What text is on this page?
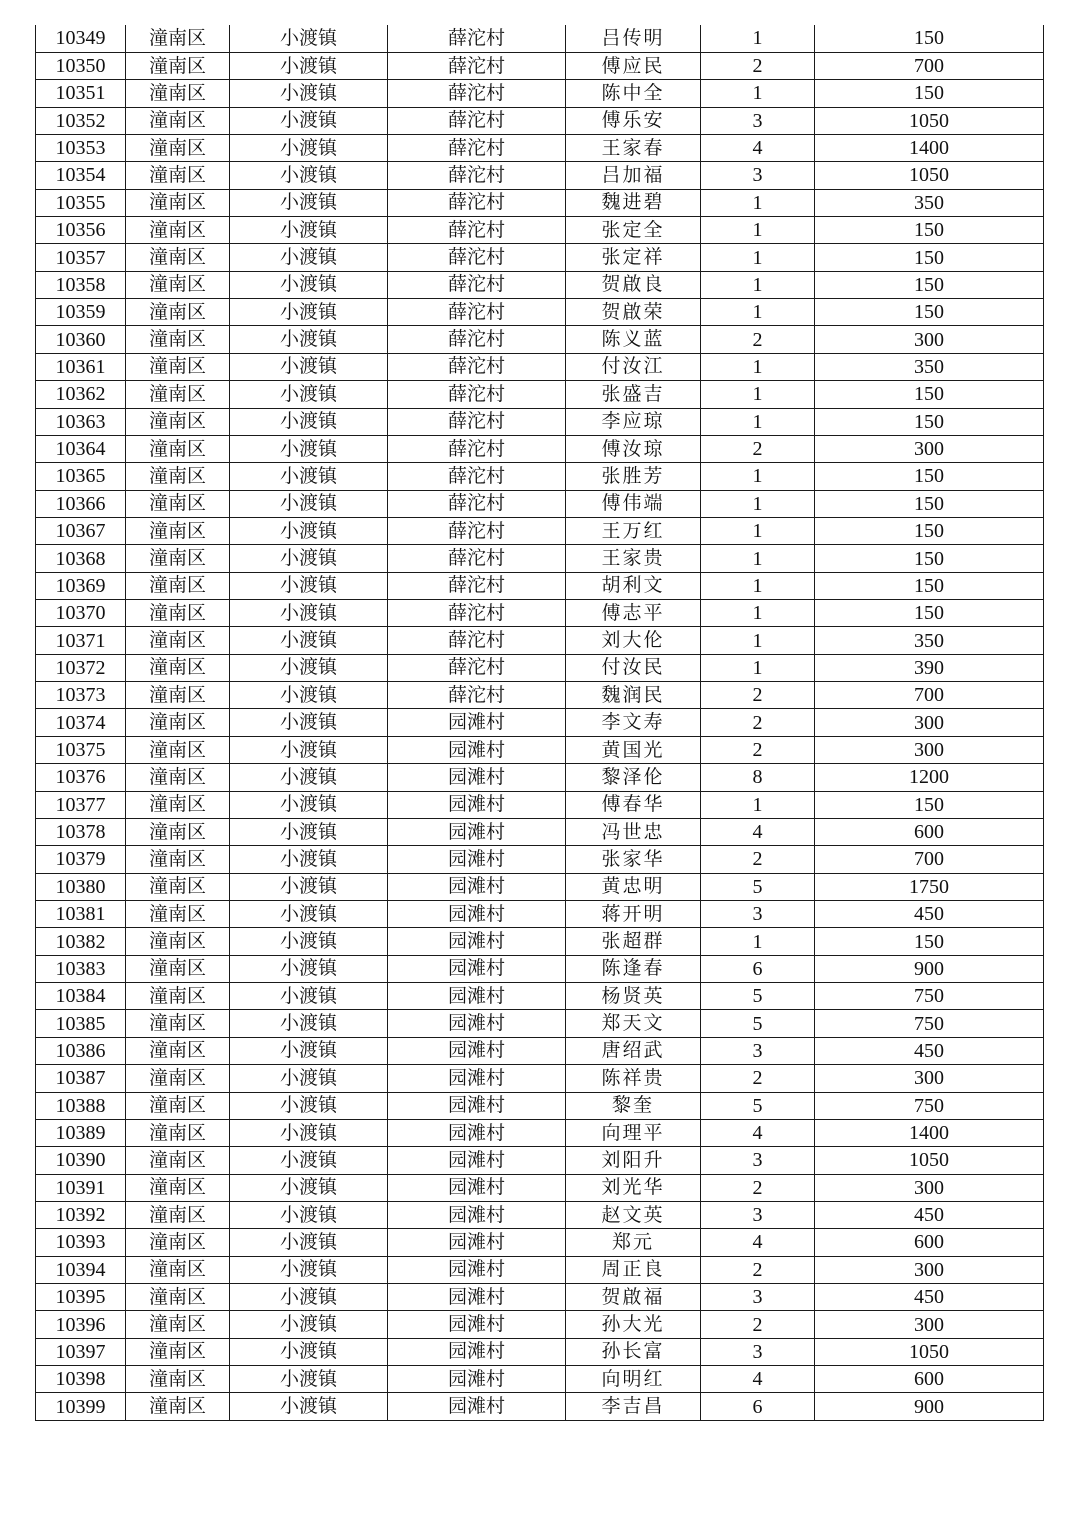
10349	潼南区	小渡镇	薛沱村	吕传明	1	150
10350	潼南区	小渡镇	薛沱村	傅应民	2	700
10351	潼南区	小渡镇	薛沱村	陈中全	1	150
10352	潼南区	小渡镇	薛沱村	傅乐安	3	1050
10353	潼南区	小渡镇	薛沱村	王家春	4	1400
10354	潼南区	小渡镇	薛沱村	吕加福	3	1050
10355	潼南区	小渡镇	薛沱村	魏进碧	1	350
10356	潼南区	小渡镇	薛沱村	张定全	1	150
10357	潼南区	小渡镇	薛沱村	张定祥	1	150
10358	潼南区	小渡镇	薛沱村	贺啟良	1	150
10359	潼南区	小渡镇	薛沱村	贺啟荣	1	150
10360	潼南区	小渡镇	薛沱村	陈义蓝	2	300
10361	潼南区	小渡镇	薛沱村	付汝江	1	350
10362	潼南区	小渡镇	薛沱村	张盛吉	1	150
10363	潼南区	小渡镇	薛沱村	李应琼	1	150
10364	潼南区	小渡镇	薛沱村	傅汝琼	2	300
10365	潼南区	小渡镇	薛沱村	张胜芳	1	150
10366	潼南区	小渡镇	薛沱村	傅伟端	1	150
10367	潼南区	小渡镇	薛沱村	王万红	1	150
10368	潼南区	小渡镇	薛沱村	王家贵	1	150
10369	潼南区	小渡镇	薛沱村	胡利文	1	150
10370	潼南区	小渡镇	薛沱村	傅志平	1	150
10371	潼南区	小渡镇	薛沱村	刘大伦	1	350
10372	潼南区	小渡镇	薛沱村	付汝民	1	390
10373	潼南区	小渡镇	薛沱村	魏润民	2	700
10374	潼南区	小渡镇	园滩村	李文寿	2	300
10375	潼南区	小渡镇	园滩村	黄国光	2	300
10376	潼南区	小渡镇	园滩村	黎泽伦	8	1200
10377	潼南区	小渡镇	园滩村	傅春华	1	150
10378	潼南区	小渡镇	园滩村	冯世忠	4	600
10379	潼南区	小渡镇	园滩村	张家华	2	700
10380	潼南区	小渡镇	园滩村	黄忠明	5	1750
10381	潼南区	小渡镇	园滩村	蒋开明	3	450
10382	潼南区	小渡镇	园滩村	张超群	1	150
10383	潼南区	小渡镇	园滩村	陈逢春	6	900
10384	潼南区	小渡镇	园滩村	杨贤英	5	750
10385	潼南区	小渡镇	园滩村	郑天文	5	750
10386	潼南区	小渡镇	园滩村	唐绍武	3	450
10387	潼南区	小渡镇	园滩村	陈祥贵	2	300
10388	潼南区	小渡镇	园滩村	黎奎	5	750
10389	潼南区	小渡镇	园滩村	向理平	4	1400
10390	潼南区	小渡镇	园滩村	刘阳升	3	1050
10391	潼南区	小渡镇	园滩村	刘光华	2	300
10392	潼南区	小渡镇	园滩村	赵文英	3	450
10393	潼南区	小渡镇	园滩村	郑元	4	600
10394	潼南区	小渡镇	园滩村	周正良	2	300
10395	潼南区	小渡镇	园滩村	贺啟福	3	450
10396	潼南区	小渡镇	园滩村	孙大光	2	300
10397	潼南区	小渡镇	园滩村	孙长富	3	1050
10398	潼南区	小渡镇	园滩村	向明红	4	600
10399	潼南区	小渡镇	园滩村	李吉昌	6	900
